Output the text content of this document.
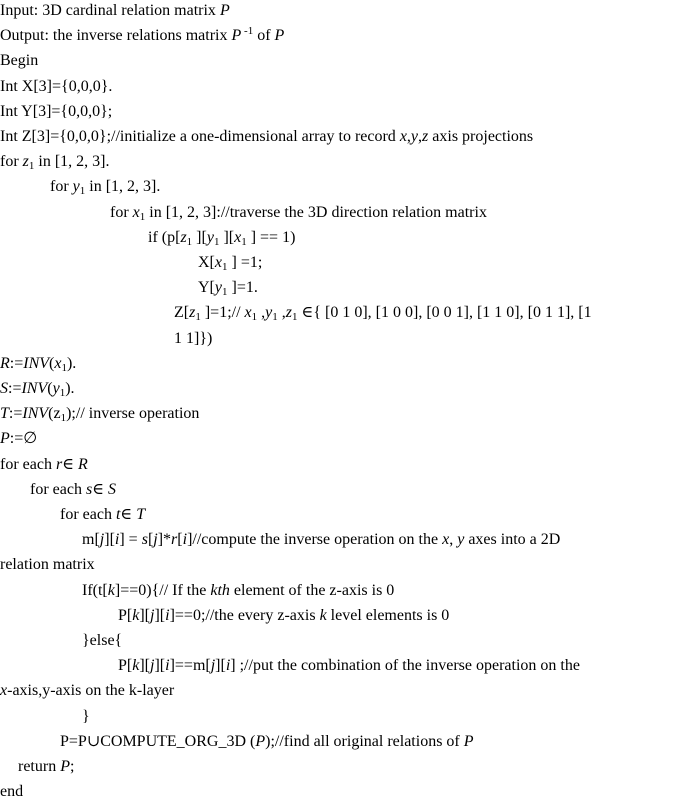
Input: 3D cardinal relation matrix P
Output: the inverse relations matrix P $^{-1}$ of P
Begin
Int X[3]={0,0,0}.
Int Y[3]={0,0,0};
Int Z[3]={0,0,0};//initialize a one-dimensional array to record x,y,z axis projections
for $z_1$ in [1, 2, 3].
for $y_1$ in [1, 2, 3].
for $x_1$ in [1, 2, 3]://traverse the 3D direction relation matrix
if ($p[z_1$ ][$y_1$ ][$x_1$ ] == 1)
$X[x_1$ ] =1;
$Y[y_1$ ]=1.
$Z[z_1$ ]=1;// $x_1$ $,y_1$ $,z_1$ ∈{ [0 1 0], [1 0 0], [0 0 1], [1 1 0], [0 1 1], [1
1 1]})
$R:=INV(x_1)$.
$S:=INV(y_1)$.
$T:=INV(z_1);//$ inverse operation
P:=∅
for each r∈ R
for each s∈ S
for each t∈ T
m[j][i] = s[j]*r[i]//compute the inverse operation on the x, y axes into a 2D
relation matrix
If(t[k]==0){// If the kth element of the z-axis is 0
P[k][j][i]==0;//the every z-axis k level elements is 0
}else{
P[k][j][i]==m[j][i] ;//put the combination of the inverse operation on the
x-axis,y-axis on the k-layer
}
P=P∪COMPUTE_ORG_3D (P);//find all original relations of P
return P;
end
